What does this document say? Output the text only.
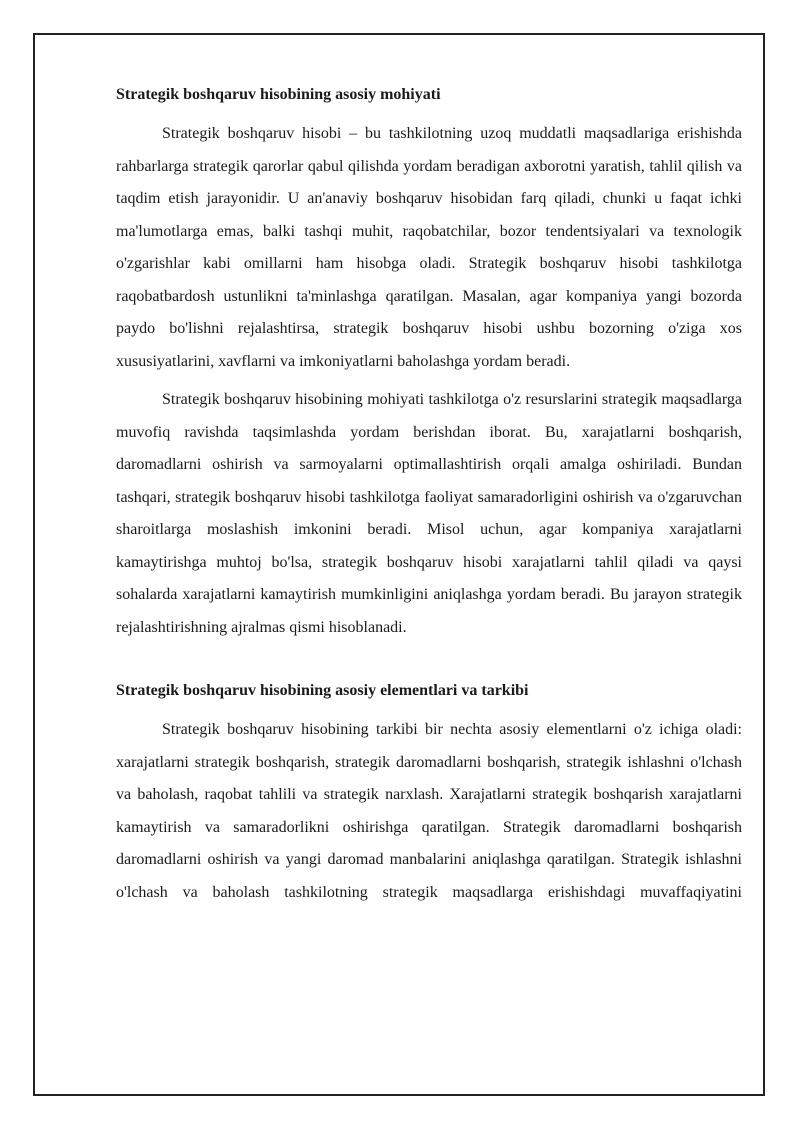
Strategik boshqaruv hisobining asosiy mohiyati

Strategik boshqaruv hisobi – bu tashkilotning uzoq muddatli maqsadlariga erishishda rahbarlarga strategik qarorlar qabul qilishda yordam beradigan axborotni yaratish, tahlil qilish va taqdim etish jarayonidir. U an'anaviy boshqaruv hisobidan farq qiladi, chunki u faqat ichki ma'lumotlarga emas, balki tashqi muhit, raqobatchilar, bozor tendentsiyalari va texnologik o'zgarishlar kabi omillarni ham hisobga oladi. Strategik boshqaruv hisobi tashkilotga raqobatbardosh ustunlikni ta'minlashga qaratilgan. Masalan, agar kompaniya yangi bozorda paydo bo'lishni rejalashtirsa, strategik boshqaruv hisobi ushbu bozorning o'ziga xos xususiyatlarini, xavflarni va imkoniyatlarni baholashga yordam beradi.

Strategik boshqaruv hisobining mohiyati tashkilotga o'z resurslarini strategik maqsadlarga muvofiq ravishda taqsimlashda yordam berishdan iborat. Bu, xarajatlarni boshqarish, daromadlarni oshirish va sarmoyalarni optimallashtirish orqali amalga oshiriladi. Bundan tashqari, strategik boshqaruv hisobi tashkilotga faoliyat samaradorligini oshirish va o'zgaruvchan sharoitlarga moslashish imkonini beradi. Misol uchun, agar kompaniya xarajatlarni kamaytirishga muhtoj bo'lsa, strategik boshqaruv hisobi xarajatlarni tahlil qiladi va qaysi sohalarda xarajatlarni kamaytirish mumkinligini aniqlashga yordam beradi. Bu jarayon strategik rejalashtirishning ajralmas qismi hisoblanadi.

Strategik boshqaruv hisobining asosiy elementlari va tarkibi

Strategik boshqaruv hisobining tarkibi bir nechta asosiy elementlarni o'z ichiga oladi: xarajatlarni strategik boshqarish, strategik daromadlarni boshqarish, strategik ishlashni o'lchash va baholash, raqobat tahlili va strategik narxlash. Xarajatlarni strategik boshqarish xarajatlarni kamaytirish va samaradorlikni oshirishga qaratilgan. Strategik daromadlarni boshqarish daromadlarni oshirish va yangi daromad manbalarini aniqlashga qaratilgan. Strategik ishlashni o'lchash va baholash tashkilotning strategik maqsadlarga erishishdagi muvaffaqiyatini
